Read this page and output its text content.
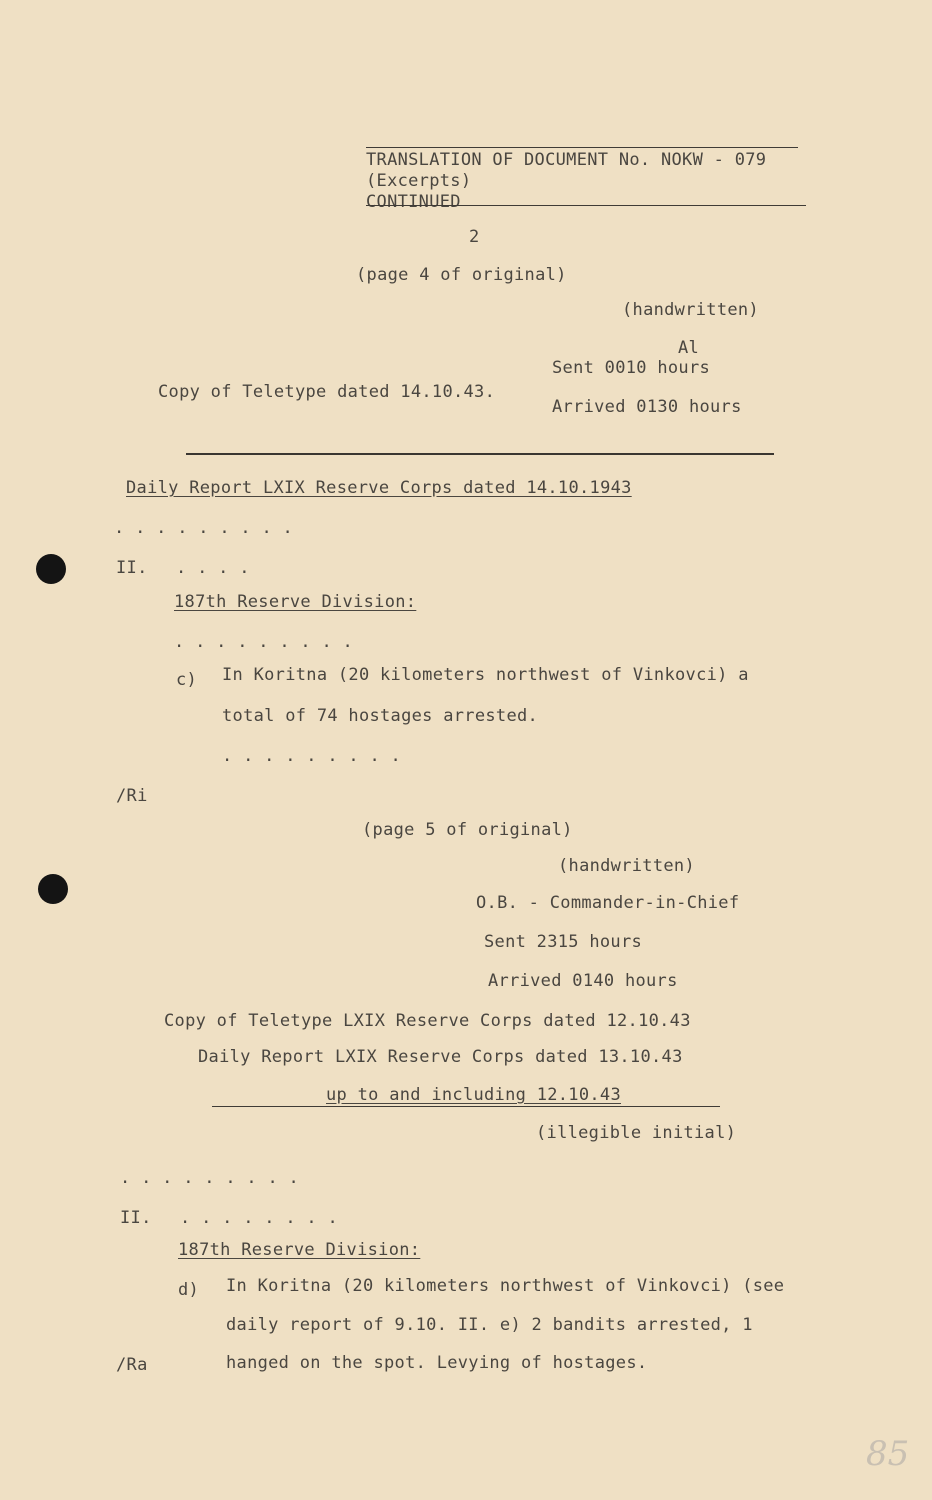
TRANSLATION OF DOCUMENT No. NOKW - 079
(Excerpts)
CONTINUED
2
(page 4 of original)
(handwritten)
Al
Sent 0010 hours
Copy of Teletype dated 14.10.43.
Arrived 0130 hours
Daily Report LXIX Reserve Corps dated 14.10.1943
. . . . . . . . .
II. . . . .
187th Reserve Division:
. . . . . . . . .
c) In Koritna (20 kilometers northwest of Vinkovci) a
total of 74 hostages arrested.
. . . . . . . . .
/Ri
(page 5 of original)
(handwritten)
O.B. - Commander-in-Chief
Sent 2315 hours
Arrived 0140 hours
Copy of Teletype LXIX Reserve Corps dated 12.10.43
Daily Report LXIX Reserve Corps dated 13.10.43
up to and including 12.10.43
(illegible initial)
. . . . . . . . .
II. . . . . . . . .
187th Reserve Division:
d) In Koritna (20 kilometers northwest of Vinkovci) (see
daily report of 9.10. II. e) 2 bandits arrested, 1
/Ra	hanged on the spot. Levying of hostages.
85
